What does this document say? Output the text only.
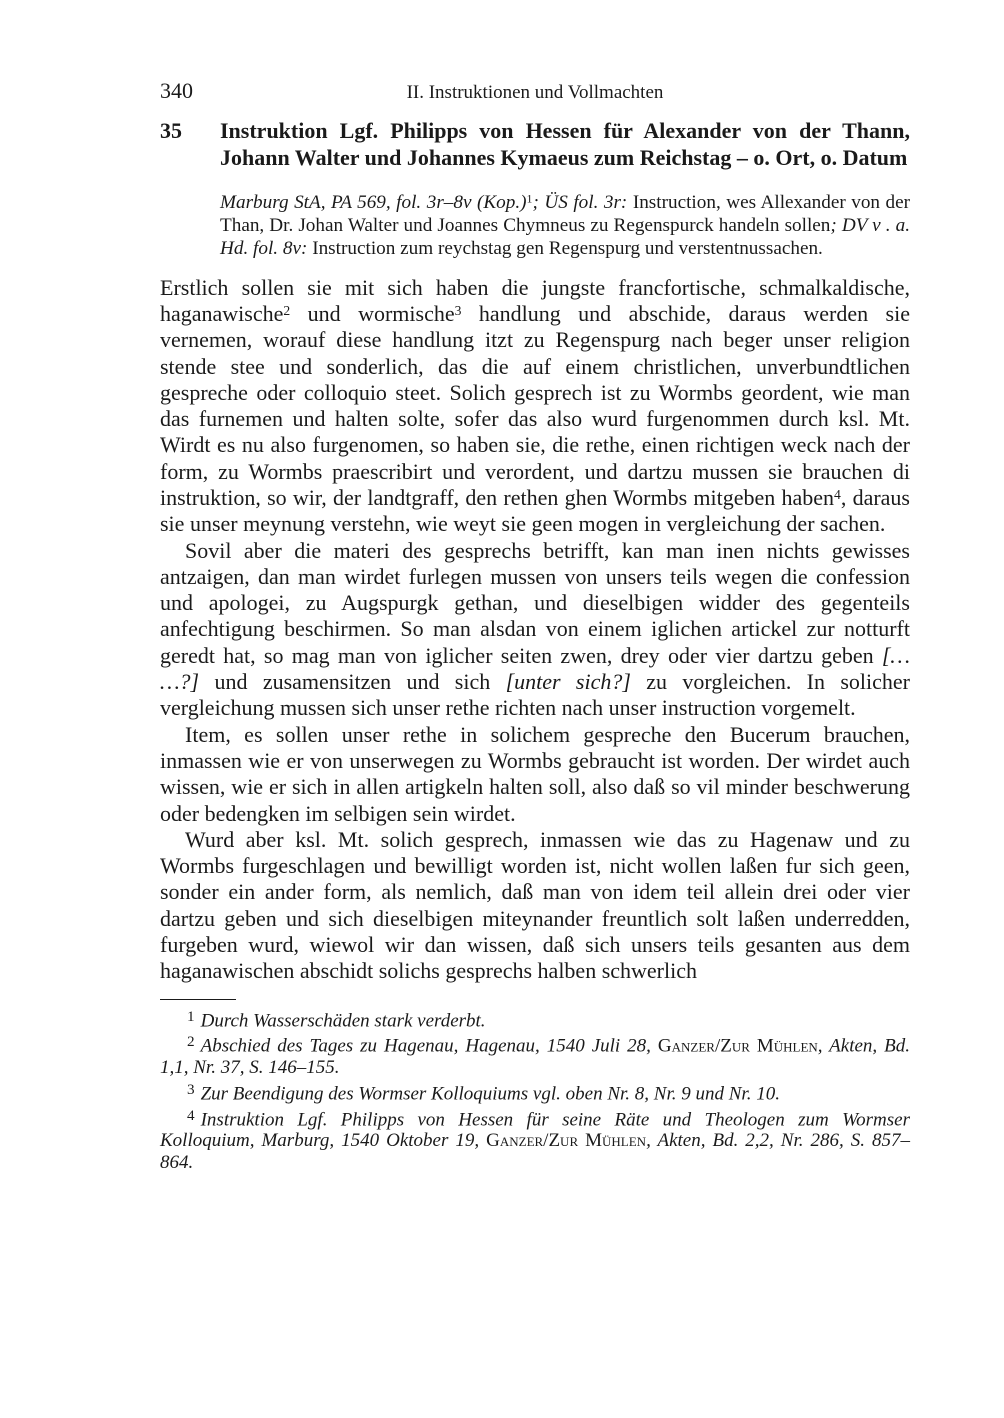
340	II. Instruktionen und Vollmachten
35	Instruktion Lgf. Philipps von Hessen für Alexander von der Thann, Johann Walter und Johannes Kymaeus zum Reichstag – o. Ort, o. Datum
Marburg StA, PA 569, fol. 3r–8v $(Kop.)^1$; ÜS fol. 3r: Instruction, wes Allexander von der Than, Dr. Johan Walter und Joannes Chymneus zu Regenspurck handeln sollen; DV v . a. Hd. fol. 8v: Instruction zum reychstag gen Regenspurg und verstentnussachen.

Erstlich sollen sie mit sich haben die jungste francfortische, schmalkaldische, haganawische$^2$ und wormische$^3$ handlung und abschide, daraus werden sie vernemen, worauf diese handlung itzt zu Regenspurg nach beger unser religion stende stee und sonderlich, das die auf einem christlichen, unverbundtlichen gespreche oder colloquio steet. Solich gesprech ist zu Wormbs geordent, wie man das furnemen und halten solte, sofer das also wurd furgenommen durch ksl. Mt. Wirdt es nu also furgenomen, so haben sie, die rethe, einen richtigen weck nach der form, zu Wormbs praescribirt und verordent, und dartzu mussen sie brauchen di instruktion, so wir, der landtgraff, den rethen ghen Wormbs mitgeben haben$^4$, daraus sie unser meynung verstehn, wie weyt sie geen mogen in vergleichung der sachen.

Sovil aber die materi des gesprechs betrifft, kan man inen nichts gewisses antzaigen, dan man wirdet furlegen mussen von unsers teils wegen die confession und apologei, zu Augspurgk gethan, und dieselbigen widder des gegenteils anfechtigung beschirmen. So man alsdan von einem iglichen artickel zur notturft geredt hat, so mag man von iglicher seiten zwen, drey oder vier dartzu geben [… …?] und zusamensitzen und sich [unter sich?] zu vorgleichen. In solicher vergleichung mussen sich unser rethe richten nach unser instruction vorgemelt.

Item, es sollen unser rethe in solichem gespreche den Bucerum brauchen, inmassen wie er von unserwegen zu Wormbs gebraucht ist worden. Der wirdet auch wissen, wie er sich in allen artigkeln halten soll, also daß so vil minder beschwerung oder bedengken im selbigen sein wirdet.

Wurd aber ksl. Mt. solich gesprech, inmassen wie das zu Hagenaw und zu Wormbs furgeschlagen und bewilligt worden ist, nicht wollen laßen fur sich geen, sonder ein ander form, als nemlich, daß man von idem teil allein drei oder vier dartzu geben und sich dieselbigen miteynander freuntlich solt laßen underredden, furgeben wurd, wiewol wir dan wissen, daß sich unsers teils gesanten aus dem haganawischen abschidt solichs gesprechs halben schwerlich

$^1$ Durch Wasserschäden stark verderbt.

$^2$ Abschied des Tages zu Hagenau, Hagenau, 1540 Juli 28, Ganzer/Zur Mühlen, Akten, Bd. 1,1, Nr. 37, S. 146–155.

$^3$ Zur Beendigung des Wormser Kolloquiums vgl. oben Nr. 8, Nr. 9 und Nr. 10.

$^4$ Instruktion Lgf. Philipps von Hessen für seine Räte und Theologen zum Wormser Kolloquium, Marburg, 1540 Oktober 19, Ganzer/Zur Mühlen, Akten, Bd. 2,2, Nr. 286, S. 857–864.
